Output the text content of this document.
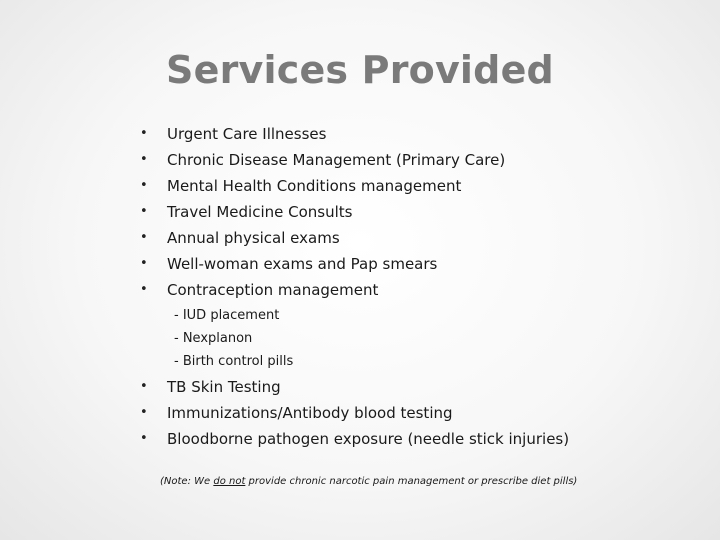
Services Provided
• Urgent Care Illnesses
• Chronic Disease Management (Primary Care)
• Mental Health Conditions management
• Travel Medicine Consults
• Annual physical exams
• Well-woman exams and Pap smears
• Contraception management
- IUD placement
- Nexplanon
- Birth control pills
• TB Skin Testing
• Immunizations/Antibody blood testing
• Bloodborne pathogen exposure (needle stick injuries)
(Note: We do not provide chronic narcotic pain management or prescribe diet pills)
